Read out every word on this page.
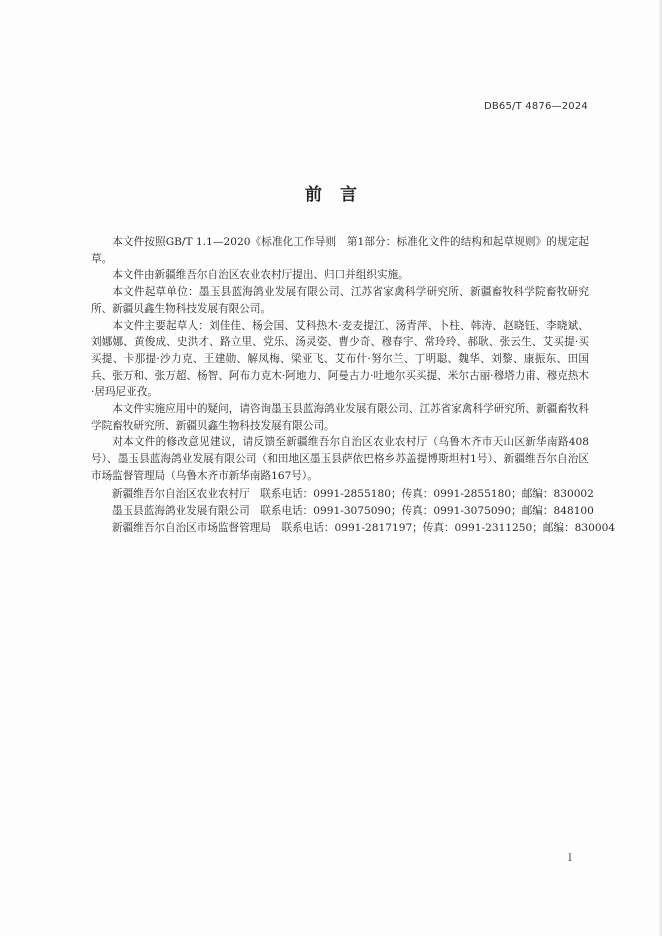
DB65/T 4876—2024
前言

本文件按照GB/T 1.1—2020《标准化工作导则　第1部分：标准化文件的结构和起草规则》的规定起草。

本文件由新疆维吾尔自治区农业农村厅提出、归口并组织实施。

本文件起草单位：墨玉县蓝海鸽业发展有限公司、江苏省家禽科学研究所、新疆畜牧科学院畜牧研究所、新疆贝鑫生物科技发展有限公司。

本文件主要起草人：刘佳佳、杨会国、艾科热木·麦麦提江、汤青萍、卜柱、韩涛、赵晓钰、李晓斌、刘娜娜、黄俊成、史洪才、路立里、党乐、汤灵姿、曹少奇、穆春宇、常玲玲、郝耿、张云生、艾买提·买买提、卡那提·沙力克、王建勋、解凤梅、梁亚飞、艾布什·努尔兰、丁明聪、魏华、刘黎、康振东、田国兵、张万和、张万超、杨智、阿布力克木·阿地力、阿曼古力·吐地尔买买提、米尔古丽·穆塔力甫、穆克热木·居玛尼亚孜。

本文件实施应用中的疑问，请咨询墨玉县蓝海鸽业发展有限公司、江苏省家禽科学研究所、新疆畜牧科学院畜牧研究所、新疆贝鑫生物科技发展有限公司。

对本文件的修改意见建议，请反馈至新疆维吾尔自治区农业农村厅（乌鲁木齐市天山区新华南路408号）、墨玉县蓝海鸽业发展有限公司（和田地区墨玉县萨依巴格乡苏盖提博斯坦村1号）、新疆维吾尔自治区市场监督管理局（乌鲁木齐市新华南路167号）。

新疆维吾尔自治区农业农村厅　联系电话：0991-2855180；传真：0991-2855180；邮编：830002
墨玉县蓝海鸽业发展有限公司　联系电话：0991-3075090；传真：0991-3075090；邮编：848100
新疆维吾尔自治区市场监督管理局　联系电话：0991-2817197；传真：0991-2311250；邮编：830004
I
